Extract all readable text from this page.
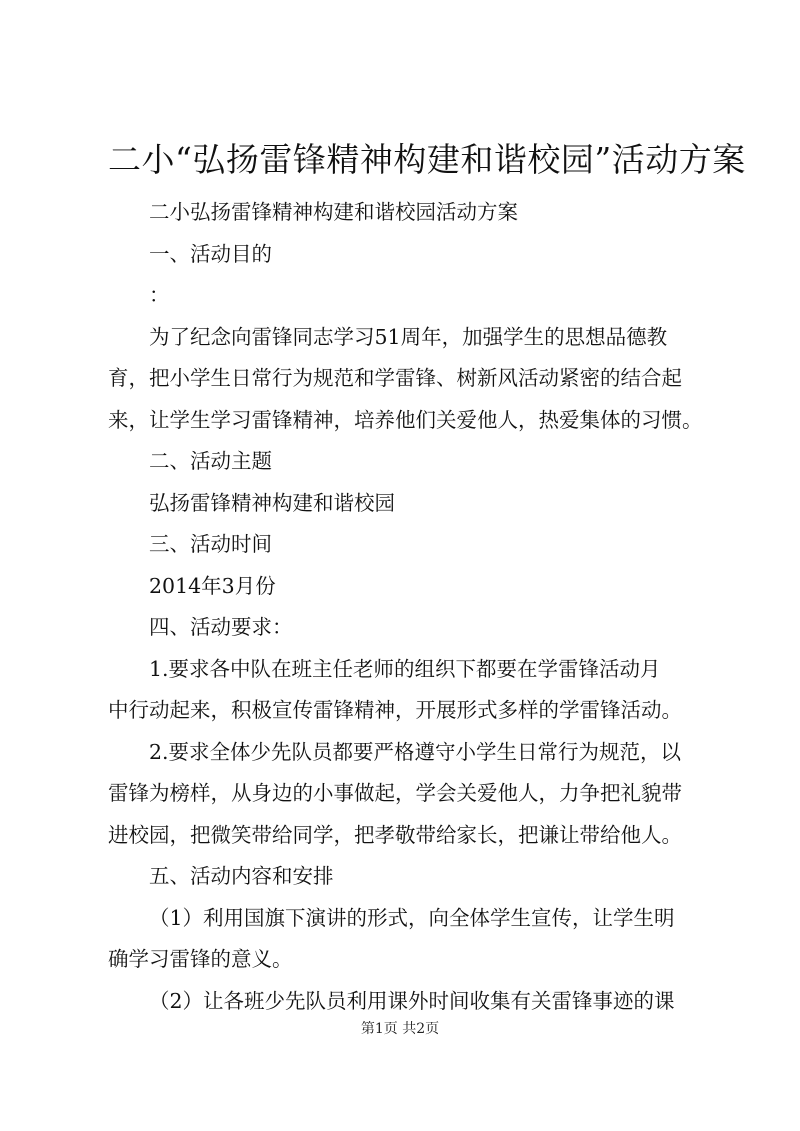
二小“弘扬雷锋精神构建和谐校园”活动方案
二小弘扬雷锋精神构建和谐校园活动方案
一、活动目的
：
为了纪念向雷锋同志学习51周年，加强学生的思想品德教
育，把小学生日常行为规范和学雷锋、树新风活动紧密的结合起
来，让学生学习雷锋精神，培养他们关爱他人，热爱集体的习惯。
二、活动主题
弘扬雷锋精神构建和谐校园
三、活动时间
2014年3月份
四、活动要求：
1.要求各中队在班主任老师的组织下都要在学雷锋活动月
中行动起来，积极宣传雷锋精神，开展形式多样的学雷锋活动。
2.要求全体少先队员都要严格遵守小学生日常行为规范，以
雷锋为榜样，从身边的小事做起，学会关爱他人，力争把礼貌带
进校园，把微笑带给同学，把孝敬带给家长，把谦让带给他人。
五、活动内容和安排
（1）利用国旗下演讲的形式，向全体学生宣传，让学生明
确学习雷锋的意义。
（2）让各班少先队员利用课外时间收集有关雷锋事迹的课
第1页 共2页
